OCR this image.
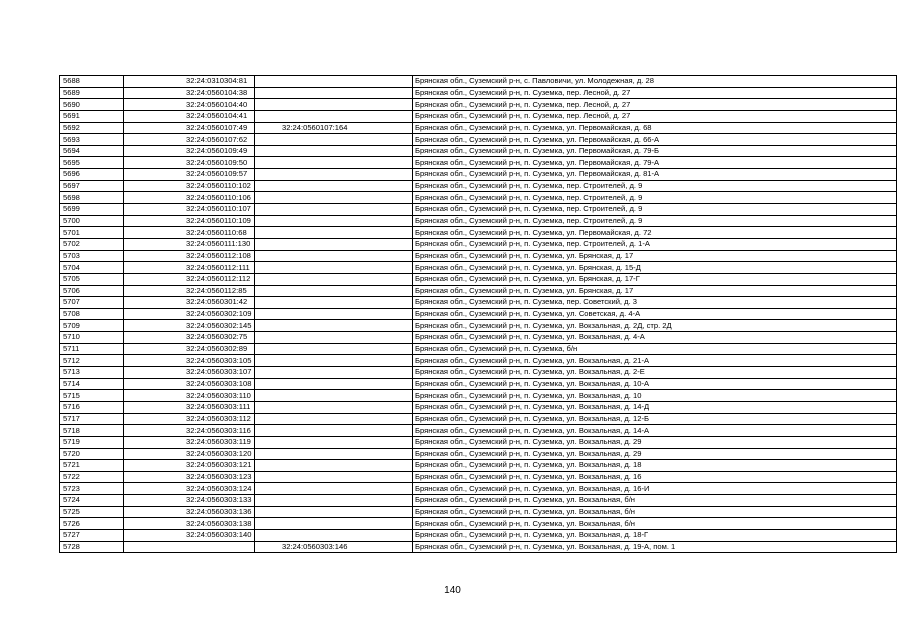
5688	32:24:0310304:81		Брянская обл., Суземский р-н, с. Павловичи, ул. Молодежная, д. 28
5689	32:24:0560104:38		Брянская обл., Суземский р-н, п. Суземка, пер. Лесной, д. 27
5690	32:24:0560104:40		Брянская обл., Суземский р-н, п. Суземка, пер. Лесной, д. 27
5691	32:24:0560104:41		Брянская обл., Суземский р-н, п. Суземка, пер. Лесной, д. 27
5692	32:24:0560107:49	32:24:0560107:164	Брянская обл., Суземский р-н, п. Суземка, ул. Первомайская, д. 68
5693	32:24:0560107:62		Брянская обл., Суземский р-н, п. Суземка, ул. Первомайская, д. 66-А
5694	32:24:0560109:49		Брянская обл., Суземский р-н, п. Суземка, ул. Первомайская, д. 79-Б
5695	32:24:0560109:50		Брянская обл., Суземский р-н, п. Суземка, ул. Первомайская, д. 79-А
5696	32:24:0560109:57		Брянская обл., Суземский р-н, п. Суземка, ул. Первомайская, д. 81-А
5697	32:24:0560110:102		Брянская обл., Суземский р-н, п. Суземка, пер. Строителей, д. 9
5698	32:24:0560110:106		Брянская обл., Суземский р-н, п. Суземка, пер. Строителей, д. 9
5699	32:24:0560110:107		Брянская обл., Суземский р-н, п. Суземка, пер. Строителей, д. 9
5700	32:24:0560110:109		Брянская обл., Суземский р-н, п. Суземка, пер. Строителей, д. 9
5701	32:24:0560110:68		Брянская обл., Суземский р-н, п. Суземка, ул. Первомайская, д. 72
5702	32:24:0560111:130		Брянская обл., Суземский р-н, п. Суземка, пер. Строителей, д. 1-А
5703	32:24:0560112:108		Брянская обл., Суземский р-н, п. Суземка, ул. Брянская, д. 17
5704	32:24:0560112:111		Брянская обл., Суземский р-н, п. Суземка, ул. Брянская, д. 15-Д
5705	32:24:0560112:112		Брянская обл., Суземский р-н, п. Суземка, ул. Брянская, д. 17-Г
5706	32:24:0560112:85		Брянская обл., Суземский р-н, п. Суземка, ул. Брянская, д. 17
5707	32:24:0560301:42		Брянская обл., Суземский р-н, п. Суземка, пер. Советский, д. 3
5708	32:24:0560302:109		Брянская обл., Суземский р-н, п. Суземка, ул. Советская, д. 4-А
5709	32:24:0560302:145		Брянская обл., Суземский р-н, п. Суземка, ул. Вокзальная, д. 2Д, стр. 2Д
5710	32:24:0560302:75		Брянская обл., Суземский р-н, п. Суземка, ул. Вокзальная, д. 4-А
5711	32:24:0560302:89		Брянская обл., Суземский р-н, п. Суземка, б/н
5712	32:24:0560303:105		Брянская обл., Суземский р-н, п. Суземка, ул. Вокзальная, д. 21-А
5713	32:24:0560303:107		Брянская обл., Суземский р-н, п. Суземка, ул. Вокзальная, д. 2-Е
5714	32:24:0560303:108		Брянская обл., Суземский р-н, п. Суземка, ул. Вокзальная, д. 10-А
5715	32:24:0560303:110		Брянская обл., Суземский р-н, п. Суземка, ул. Вокзальная, д. 10
5716	32:24:0560303:111		Брянская обл., Суземский р-н, п. Суземка, ул. Вокзальная, д. 14-Д
5717	32:24:0560303:112		Брянская обл., Суземский р-н, п. Суземка, ул. Вокзальная, д. 12-Б
5718	32:24:0560303:116		Брянская обл., Суземский р-н, п. Суземка, ул. Вокзальная, д. 14-А
5719	32:24:0560303:119		Брянская обл., Суземский р-н, п. Суземка, ул. Вокзальная, д. 29
5720	32:24:0560303:120		Брянская обл., Суземский р-н, п. Суземка, ул. Вокзальная, д. 29
5721	32:24:0560303:121		Брянская обл., Суземский р-н, п. Суземка, ул. Вокзальная, д. 18
5722	32:24:0560303:123		Брянская обл., Суземский р-н, п. Суземка, ул. Вокзальная, д. 16
5723	32:24:0560303:124		Брянская обл., Суземский р-н, п. Суземка, ул. Вокзальная, д. 16-И
5724	32:24:0560303:133		Брянская обл., Суземский р-н, п. Суземка, ул. Вокзальная, б/н
5725	32:24:0560303:136		Брянская обл., Суземский р-н, п. Суземка, ул. Вокзальная, б/н
5726	32:24:0560303:138		Брянская обл., Суземский р-н, п. Суземка, ул. Вокзальная, б/н
5727	32:24:0560303:140		Брянская обл., Суземский р-н, п. Суземка, ул. Вокзальная, д. 18-Г
5728		32:24:0560303:146	Брянская обл., Суземский р-н, п. Суземка, ул. Вокзальная, д. 19-А, пом. 1
140
